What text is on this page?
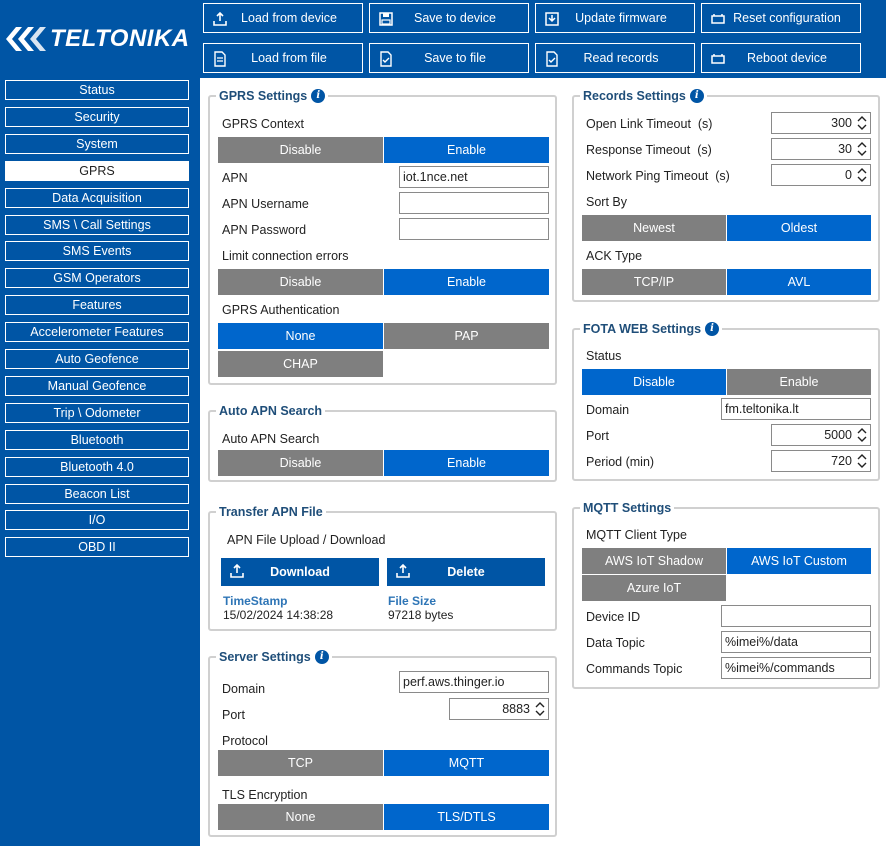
TELTONIKA
Status
Security
System
GPRS
Data Acquisition
SMS \ Call Settings
SMS Events
GSM Operators
Features
Accelerometer Features
Auto Geofence
Manual Geofence
Trip \ Odometer
Bluetooth
Bluetooth 4.0
Beacon List
I/O
OBD II
Load from device	Save to device	Update firmware	Reset configuration
Load from file	Save to file	Read records	Reboot device
GPRS Settings i
GPRS Context
Disable	Enable
APN	iot.1nce.net
APN Username
APN Password
Limit connection errors
Disable	Enable
GPRS Authentication
None	PAP
CHAP
Auto APN Search
Auto APN Search
Disable	Enable
Transfer APN File
APN File Upload / Download
Download	Delete
TimeStamp
15/02/2024 14:38:28
File Size
97218 bytes
Server Settings i
Domain	perf.aws.thinger.io
Port	8883
Protocol
TCP	MQTT
TLS Encryption
None	TLS/DTLS
Records Settings i
Open Link Timeout (s)	300
Response Timeout (s)	30
Network Ping Timeout (s)	0
Sort By
Newest	Oldest
ACK Type
TCP/IP	AVL
FOTA WEB Settings i
Status
Disable	Enable
Domain	fm.teltonika.lt
Port	5000
Period (min)	720
MQTT Settings
MQTT Client Type
AWS IoT Shadow	AWS IoT Custom
Azure IoT
Device ID
Data Topic	%imei%/data
Commands Topic	%imei%/commands
